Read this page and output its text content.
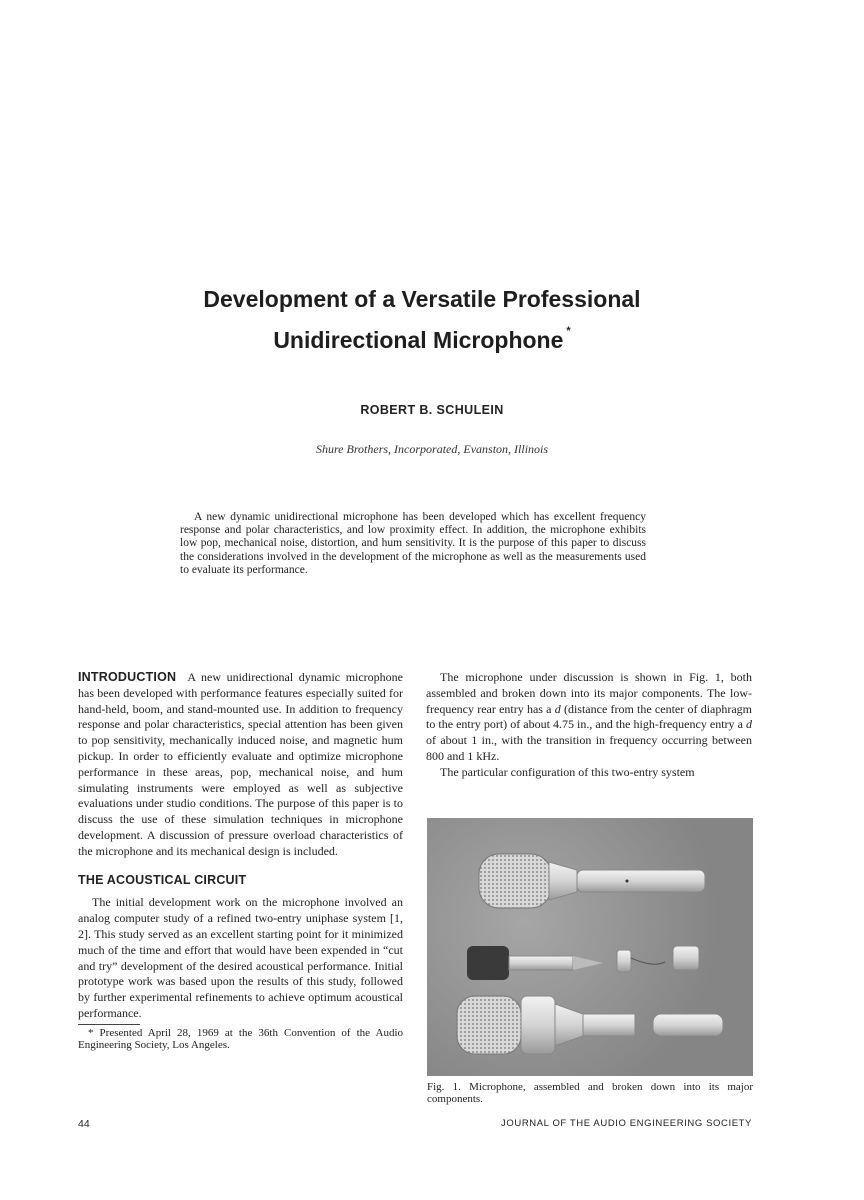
Development of a Versatile Professional
Unidirectional Microphone *
ROBERT B. SCHULEIN
Shure Brothers, Incorporated, Evanston, Illinois

A new dynamic unidirectional microphone has been developed which has excellent frequency response and polar characteristics, and low proximity effect. In addition, the microphone exhibits low pop, mechanical noise, distortion, and hum sensitivity. It is the purpose of this paper to discuss the considerations involved in the development of the microphone as well as the measurements used to evaluate its performance.

INTRODUCTION A new unidirectional dynamic microphone has been developed with performance features especially suited for hand-held, boom, and stand-mounted use. In addition to frequency response and polar characteristics, special attention has been given to pop sensitivity, mechanically induced noise, and magnetic hum pickup. In order to efficiently evaluate and optimize microphone performance in these areas, pop, mechanical noise, and hum simulating instruments were employed as well as subjective evaluations under studio conditions. The purpose of this paper is to discuss the use of these simulation techniques in microphone development. A discussion of pressure overload characteristics of the microphone and its mechanical design is included.

THE ACOUSTICAL CIRCUIT

The initial development work on the microphone involved an analog computer study of a refined two-entry uniphase system [1, 2]. This study served as an excellent starting point for it minimized much of the time and effort that would have been expended in “cut and try” development of the desired acoustical performance. Initial prototype work was based upon the results of this study, followed by further experimental refinements to achieve optimum acoustical performance.

* Presented April 28, 1969 at the 36th Convention of the Audio Engineering Society, Los Angeles.

The microphone under discussion is shown in Fig. 1, both assembled and broken down into its major components. The low-frequency rear entry has a d (distance from the center of diaphragm to the entry port) of about 4.75 in., and the high-frequency entry a d of about 1 in., with the transition in frequency occurring between 800 and 1 kHz.

The particular configuration of this two-entry system

Fig. 1. Microphone, assembled and broken down into its major components.
44	JOURNAL OF THE AUDIO ENGINEERING SOCIETY
